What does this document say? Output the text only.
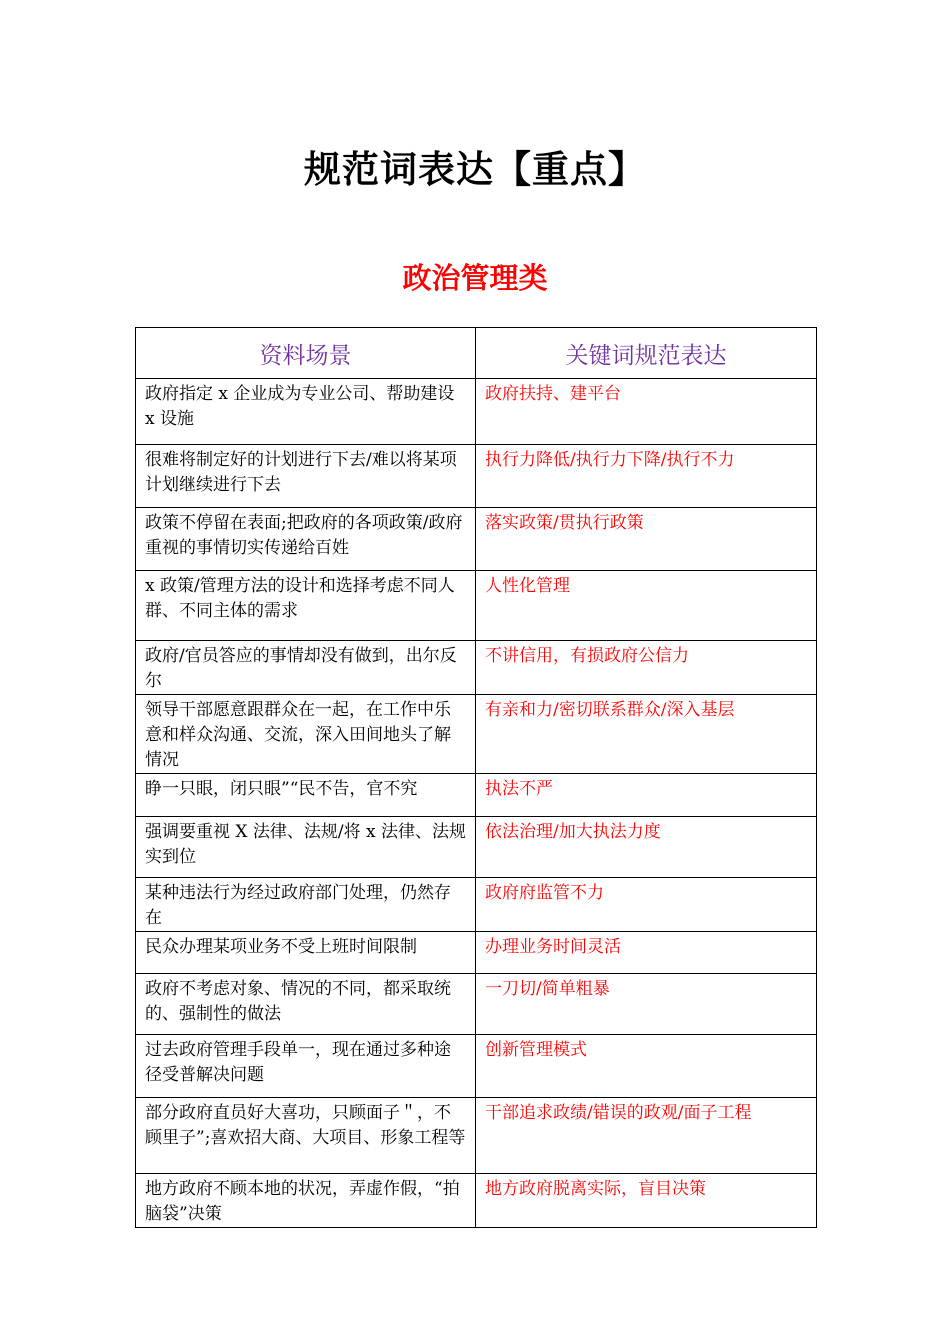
规范词表达【重点】
政治管理类
资料场景	关键词规范表达
政府指定 x 企业成为专业公司、帮助建设 x 设施	政府扶持、建平台
很难将制定好的计划进行下去/难以将某项计划继续进行下去	执行力降低/执行力下降/执行不力
政策不停留在表面;把政府的各项政策/政府重视的事情切实传递给百姓	落实政策/贯执行政策
x 政策/管理方法的设计和选择考虑不同人群、不同主体的需求	人性化管理
政府/官员答应的事情却没有做到，出尔反尔	不讲信用，有损政府公信力
领导干部愿意跟群众在一起，在工作中乐意和样众沟通、交流，深入田间地头了解情况	有亲和力/密切联系群众/深入基层
睁一只眼，闭只眼”“民不告，官不究	执法不严
强调要重视 X 法律、法规/将 x 法律、法规实到位	依法治理/加大执法力度
某种违法行为经过政府部门处理，仍然存在	政府府监管不力
民众办理某项业务不受上班时间限制	办理业务时间灵活
政府不考虑对象、情况的不同，都采取统的、强制性的做法	一刀切/简单粗暴
过去政府管理手段单一，现在通过多种途径受普解决问题	创新管理模式
部分政府直员好大喜功，只顾面子＂，不顾里子”;喜欢招大商、大项目、形象工程等	干部追求政绩/错误的政观/面子工程
地方政府不顾本地的状况，弄虚作假，“拍脑袋”决策	地方政府脱离实际，盲目决策
